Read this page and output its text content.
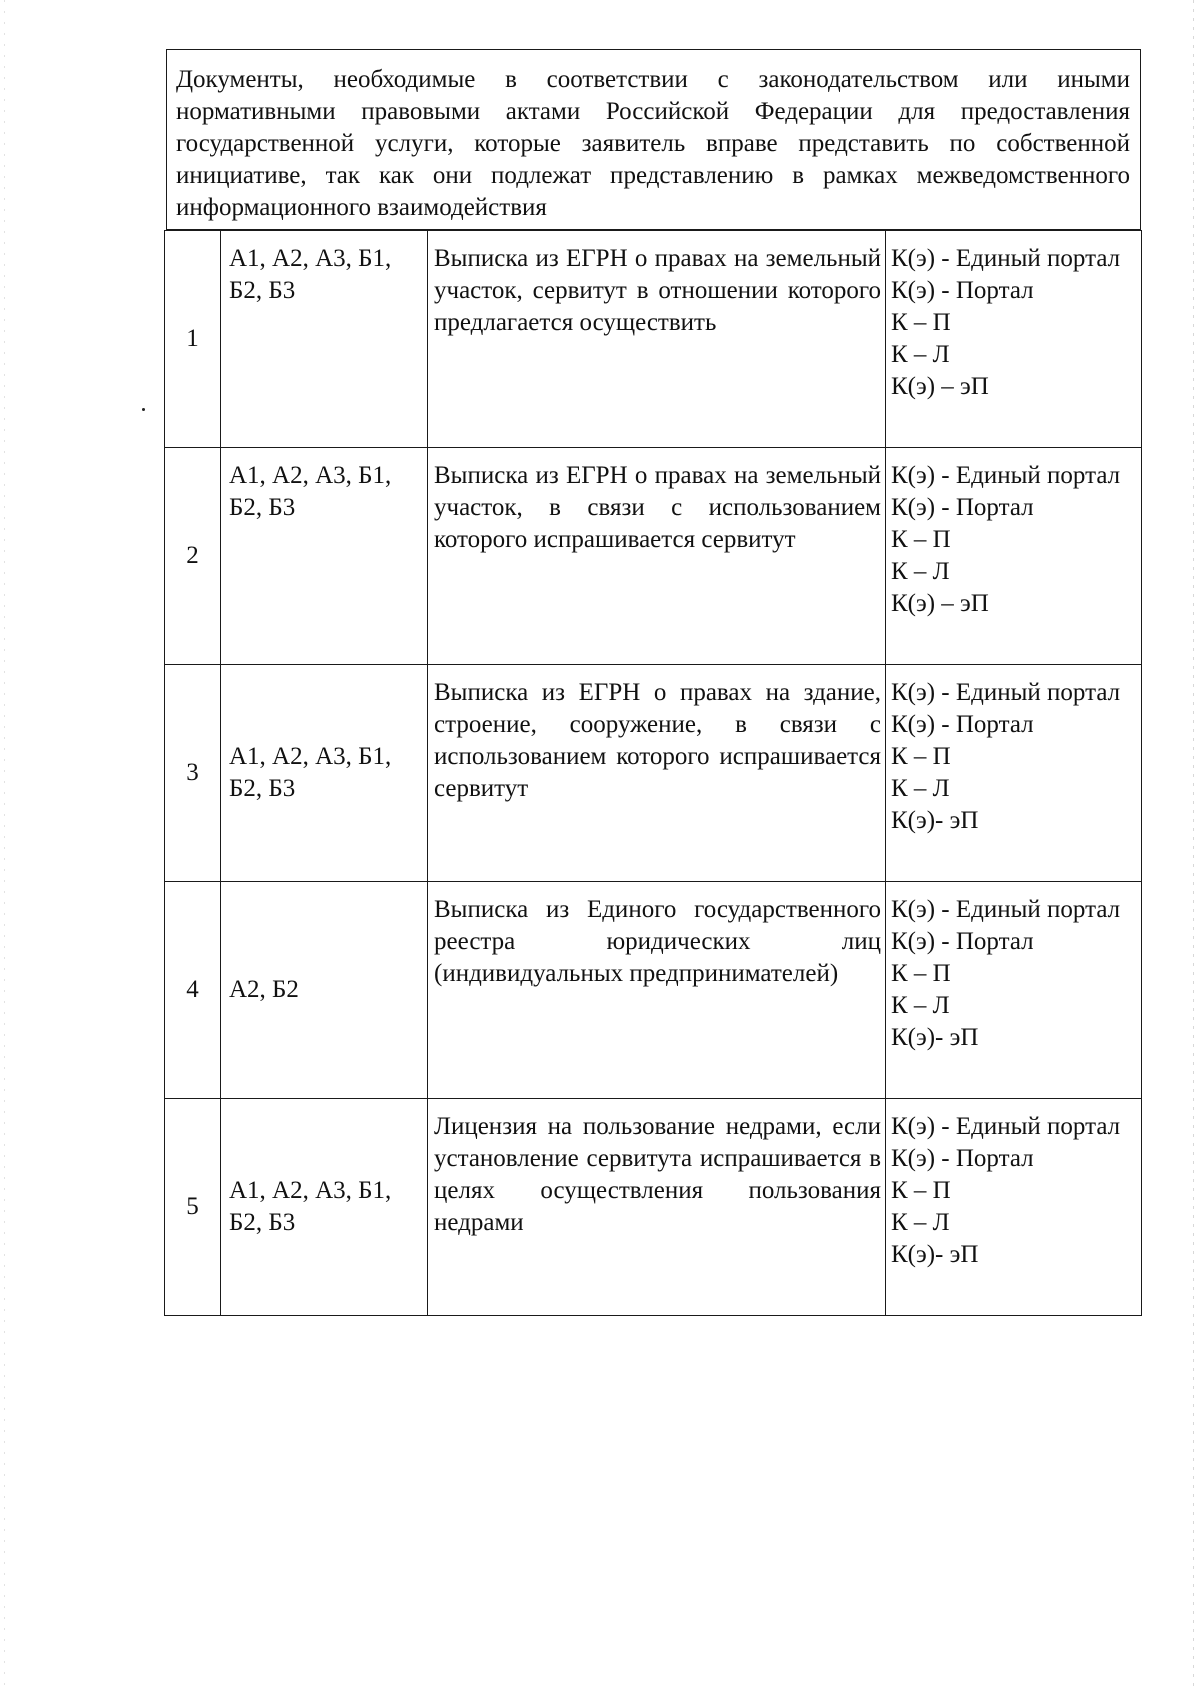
Документы, необходимые в соответствии с законодательством или иными нормативными правовыми актами Российской Федерации для предоставления государственной услуги, которые заявитель вправе представить по собственной инициативе, так как они подлежат представлению в рамках межведомственного информационного взаимодействия
1	А1, А2, А3, Б1, Б2, Б3	Выписка из ЕГРН о правах на земельный участок, сервитут в отношении которого предлагается осуществить	К(э) - Единый портал
К(э) - Портал
К – П
К – Л
К(э) – эП

2	А1, А2, А3, Б1, Б2, Б3	Выписка из ЕГРН о правах на земельный участок, в связи с использованием которого испрашивается сервитут	К(э) - Единый портал
К(э) - Портал
К – П
К – Л
К(э) – эП

3	А1, А2, А3, Б1, Б2, Б3	Выписка из ЕГРН о правах на здание, строение, сооружение, в связи с использованием которого испрашивается сервитут	К(э) - Единый портал
К(э) - Портал
К – П
К – Л
К(э)- эП

4	А2, Б2	Выписка из Единого государственного реестра юридических лиц (индивидуальных предпринимателей)	К(э) - Единый портал
К(э) - Портал
К – П
К – Л
К(э)- эП

5	А1, А2, А3, Б1, Б2, Б3	Лицензия на пользование недрами, если установление сервитута испрашивается в целях осуществления пользования недрами	К(э) - Единый портал
К(э) - Портал
К – П
К – Л
К(э)- эП
